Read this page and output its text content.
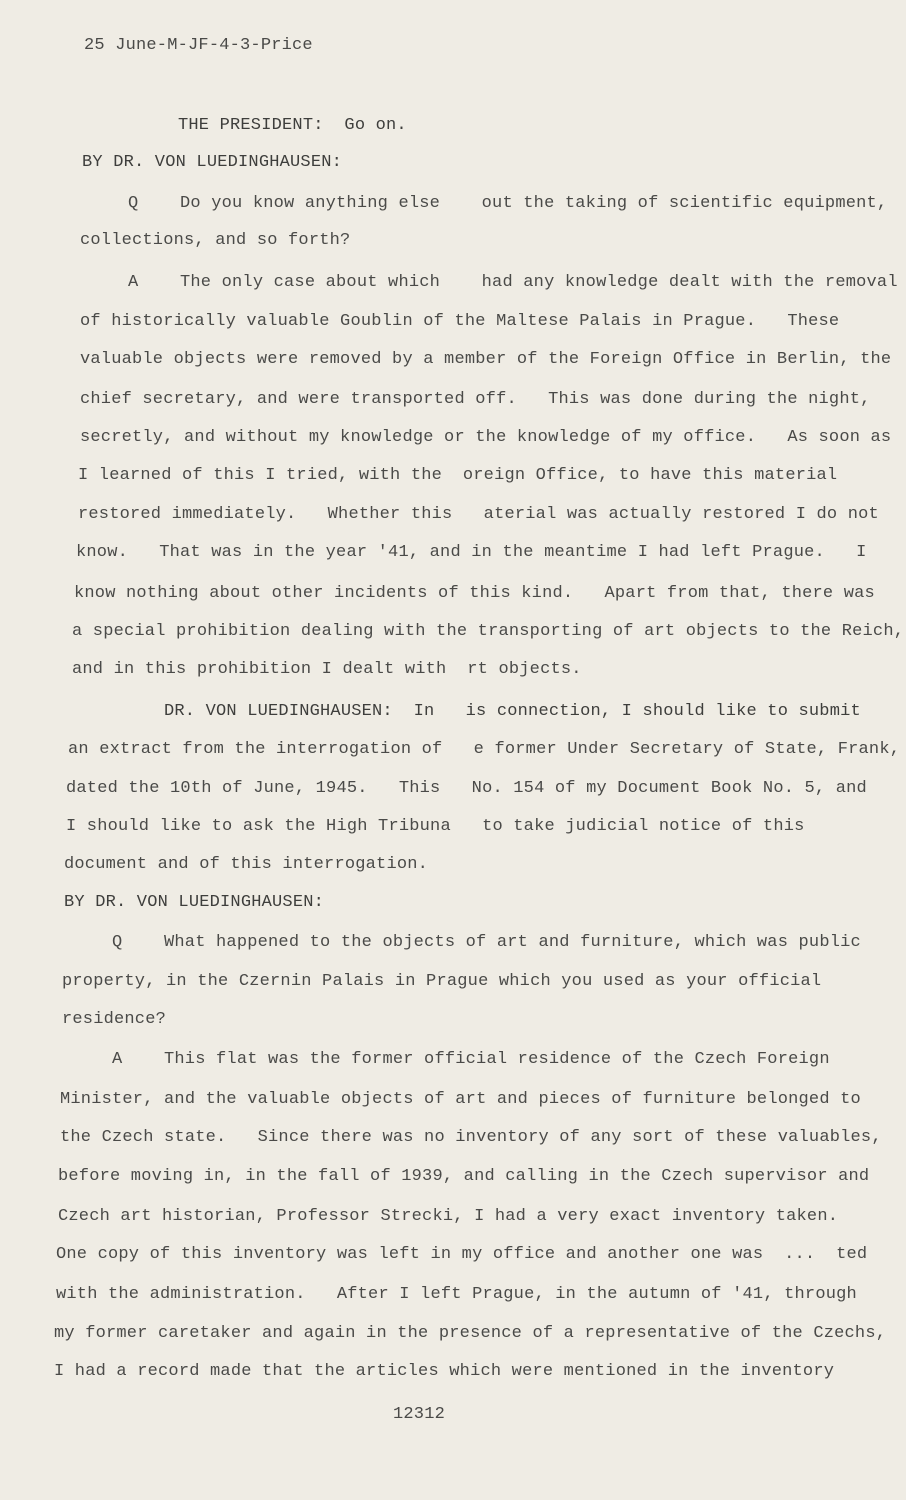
25 June-M-JF-4-3-Price
THE PRESIDENT:  Go on.
BY DR. VON LUEDINGHAUSEN:
Q    Do you know anything else    out the taking of scientific equipment,
collections, and so forth?
A    The only case about which    had any knowledge dealt with the removal
of historically valuable Goublin of the Maltese Palais in Prague.   These
valuable objects were removed by a member of the Foreign Office in Berlin, the
chief secretary, and were transported off.   This was done during the night,
secretly, and without my knowledge or the knowledge of my office.   As soon as
I learned of this I tried, with the  oreign Office, to have this material
restored immediately.   Whether this   aterial was actually restored I do not
know.   That was in the year '41, and in the meantime I had left Prague.   I
know nothing about other incidents of this kind.   Apart from that, there was
a special prohibition dealing with the transporting of art objects to the Reich,
and in this prohibition I dealt with  rt objects.
DR. VON LUEDINGHAUSEN:  In   is connection, I should like to submit
an extract from the interrogation of   e former Under Secretary of State, Frank,
dated the 10th of June, 1945.   This   No. 154 of my Document Book No. 5, and
I should like to ask the High Tribuna   to take judicial notice of this
document and of this interrogation.
BY DR. VON LUEDINGHAUSEN:
Q    What happened to the objects of art and furniture, which was public
property, in the Czernin Palais in Prague which you used as your official
residence?
A    This flat was the former official residence of the Czech Foreign
Minister, and the valuable objects of art and pieces of furniture belonged to
the Czech state.   Since there was no inventory of any sort of these valuables,
before moving in, in the fall of 1939, and calling in the Czech supervisor and
Czech art historian, Professor Strecki, I had a very exact inventory taken.
One copy of this inventory was left in my office and another one was  ...  ted
with the administration.   After I left Prague, in the autumn of '41, through
my former caretaker and again in the presence of a representative of the Czechs,
I had a record made that the articles which were mentioned in the inventory
12312
